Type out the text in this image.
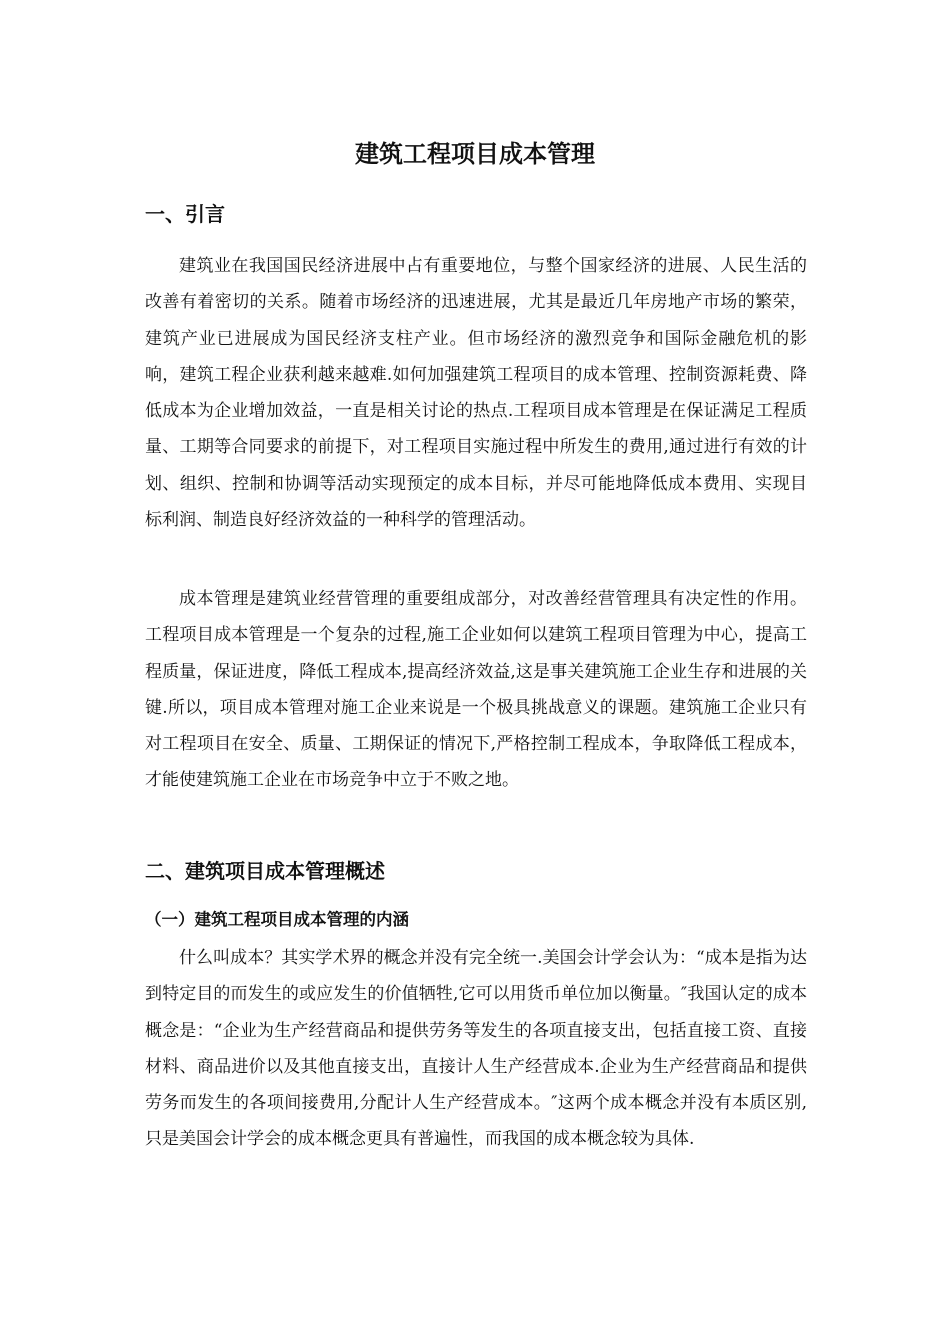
建筑工程项目成本管理
一、引言

建筑业在我国国民经济进展中占有重要地位，与整个国家经济的进展、人民生活的改善有着密切的关系。随着市场经济的迅速进展，尤其是最近几年房地产市场的繁荣，建筑产业已进展成为国民经济支柱产业。但市场经济的激烈竞争和国际金融危机的影响，建筑工程企业获利越来越难.如何加强建筑工程项目的成本管理、控制资源耗费、降低成本为企业增加效益，一直是相关讨论的热点.工程项目成本管理是在保证满足工程质量、工期等合同要求的前提下，对工程项目实施过程中所发生的费用,通过进行有效的计划、组织、控制和协调等活动实现预定的成本目标，并尽可能地降低成本费用、实现目标利润、制造良好经济效益的一种科学的管理活动。

成本管理是建筑业经营管理的重要组成部分，对改善经营管理具有决定性的作用。工程项目成本管理是一个复杂的过程,施工企业如何以建筑工程项目管理为中心，提高工程质量，保证进度，降低工程成本,提高经济效益,这是事关建筑施工企业生存和进展的关键.所以，项目成本管理对施工企业来说是一个极具挑战意义的课题。建筑施工企业只有对工程项目在安全、质量、工期保证的情况下,严格控制工程成本，争取降低工程成本，才能使建筑施工企业在市场竞争中立于不败之地。

二、建筑项目成本管理概述
（一）建筑工程项目成本管理的内涵

什么叫成本？其实学术界的概念并没有完全统一.美国会计学会认为：“成本是指为达到特定目的而发生的或应发生的价值牺牲,它可以用货币单位加以衡量。″我国认定的成本概念是：“企业为生产经营商品和提供劳务等发生的各项直接支出，包括直接工资、直接材料、商品进价以及其他直接支出，直接计人生产经营成本.企业为生产经营商品和提供劳务而发生的各项间接费用,分配计人生产经营成本。″这两个成本概念并没有本质区别,只是美国会计学会的成本概念更具有普遍性，而我国的成本概念较为具体.
